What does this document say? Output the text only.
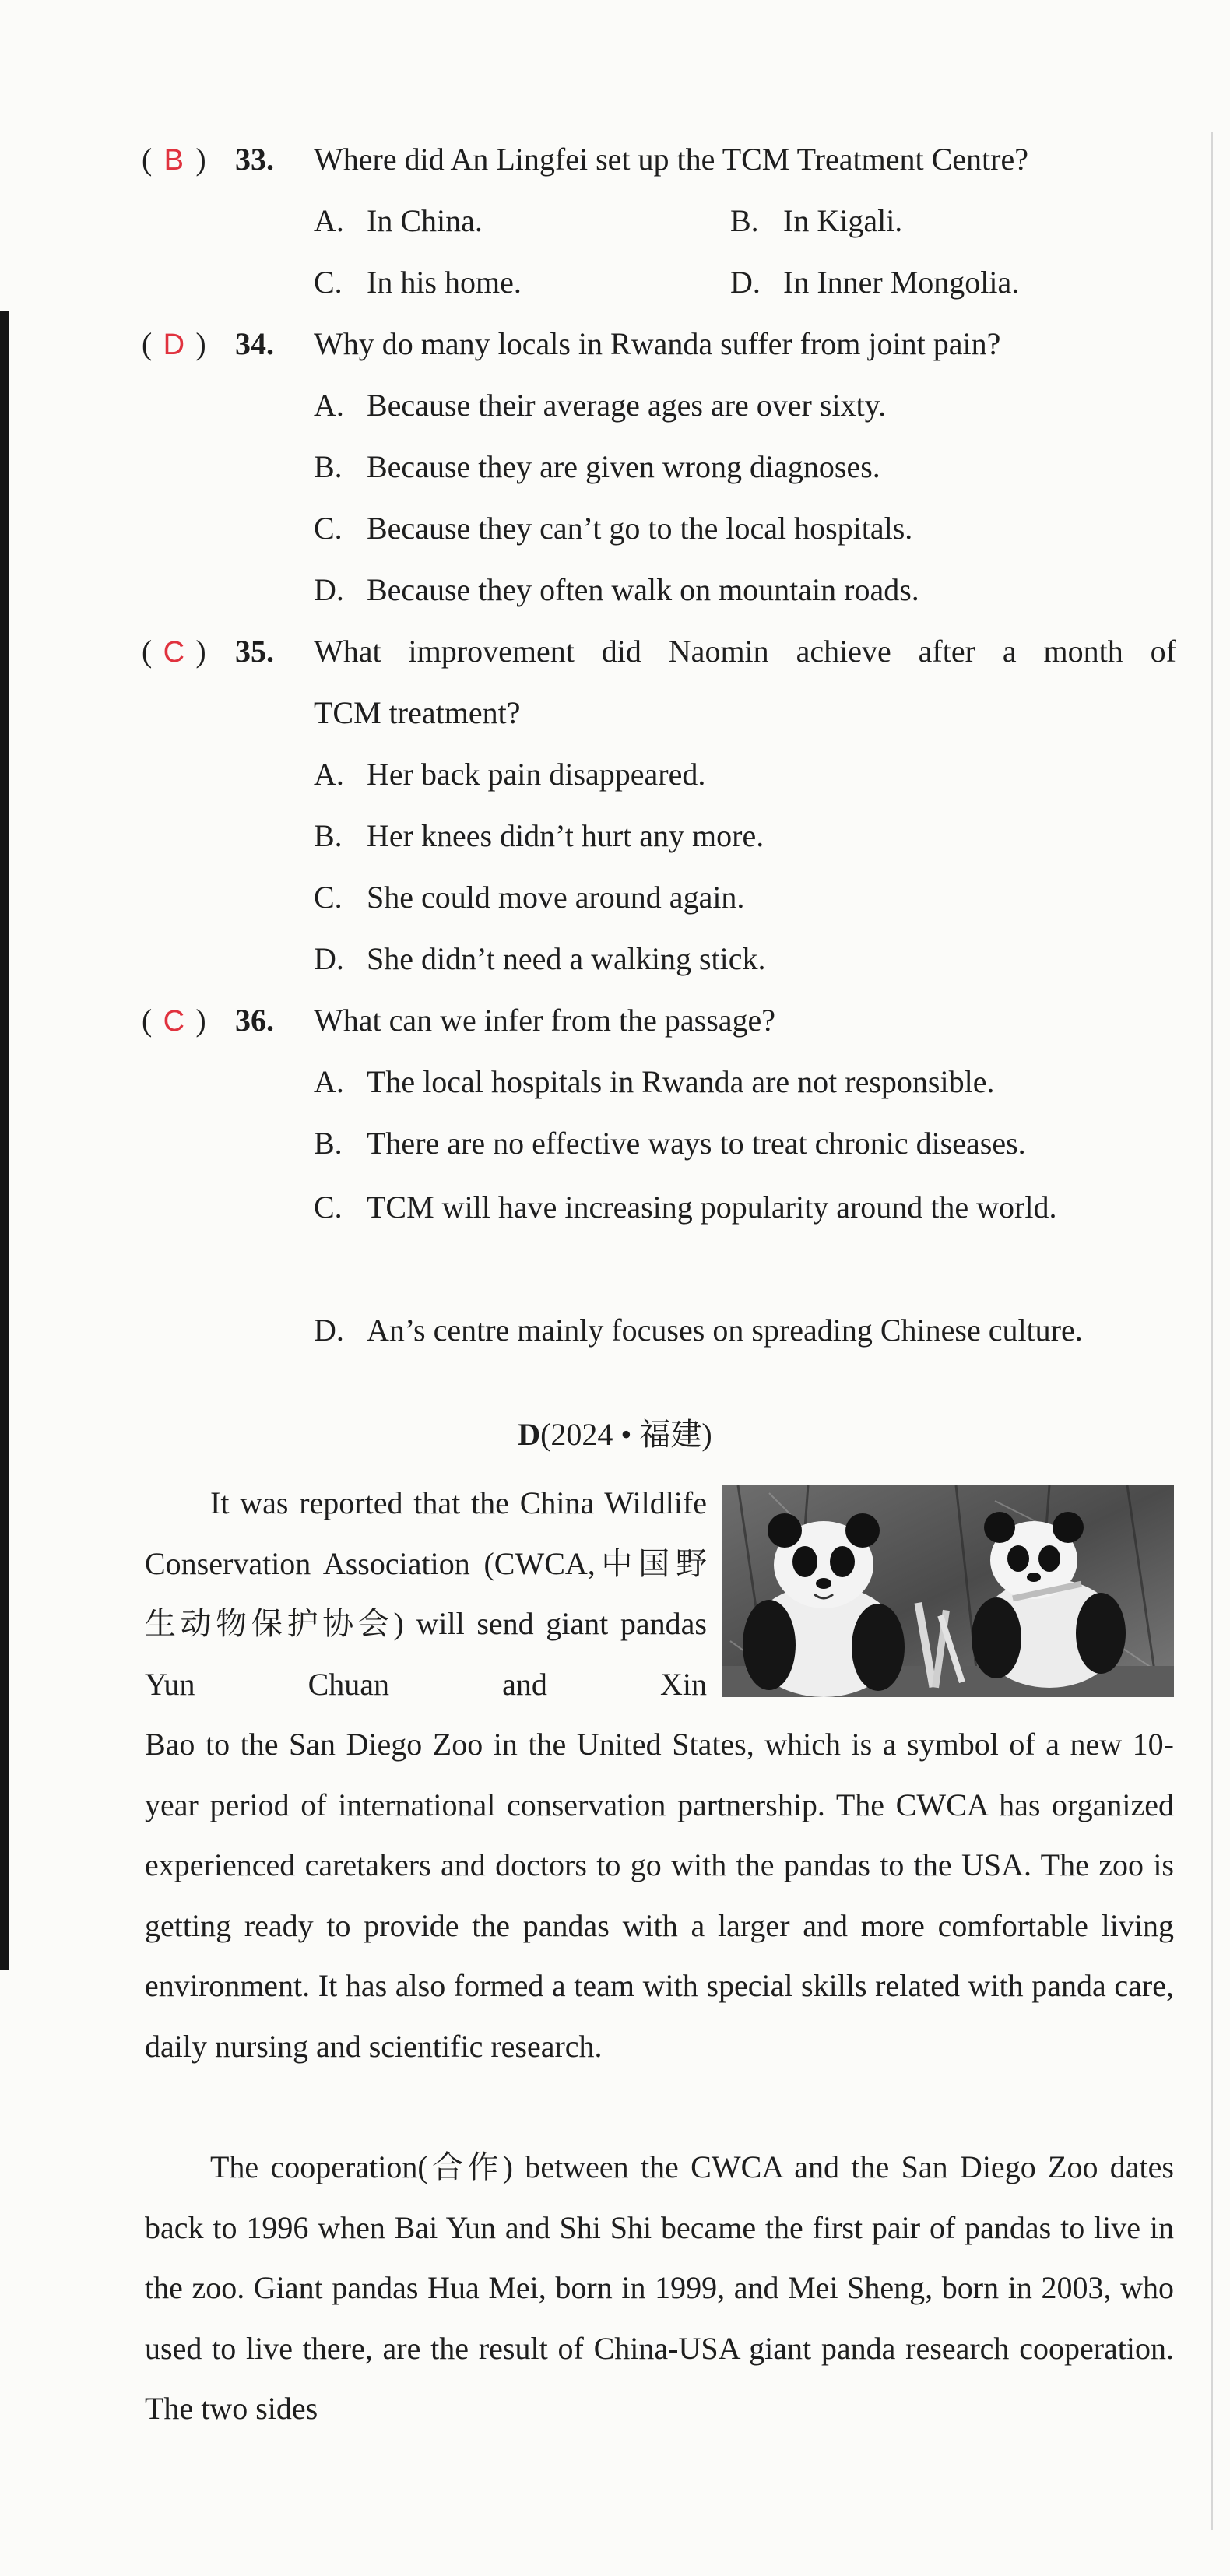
( B ) 33.	Where did An Lingfei set up the TCM Treatment Centre?
A. In China.	B. In Kigali.
C. In his home.	D. In Inner Mongolia.
( D ) 34.	Why do many locals in Rwanda suffer from joint pain?
A. Because their average ages are over sixty.
B. Because they are given wrong diagnoses.
C. Because they can’t go to the local hospitals.
D. Because they often walk on mountain roads.
( C ) 35.	What improvement did Naomin achieve after a month of
TCM treatment?
A. Her back pain disappeared.
B. Her knees didn’t hurt any more.
C. She could move around again.
D. She didn’t need a walking stick.
( C ) 36.	What can we infer from the passage?
A. The local hospitals in Rwanda are not responsible.
B. There are no effective ways to treat chronic diseases.
C. TCM will have increasing popularity around the world.
D. An’s centre mainly focuses on spreading Chinese culture.
D(2024 • 福建)
It was reported that the China Wildlife Conservation Association (CWCA,中国野生动物保护协会) will send giant pandas Yun Chuan and Xin
Bao to the San Diego Zoo in the United States, which is a symbol of a new 10-year period of international conservation partnership. The CWCA has organized experienced caretakers and doctors to go with the pandas to the USA. The zoo is getting ready to provide the pandas with a larger and more comfortable living environment. It has also formed a team with special skills related with panda care, daily nursing and scientific research.
The cooperation(合作) between the CWCA and the San Diego Zoo dates back to 1996 when Bai Yun and Shi Shi became the first pair of pandas to live in the zoo. Giant pandas Hua Mei, born in 1999, and Mei Sheng, born in 2003, who used to live there, are the result of China-USA giant panda research cooperation. The two sides
